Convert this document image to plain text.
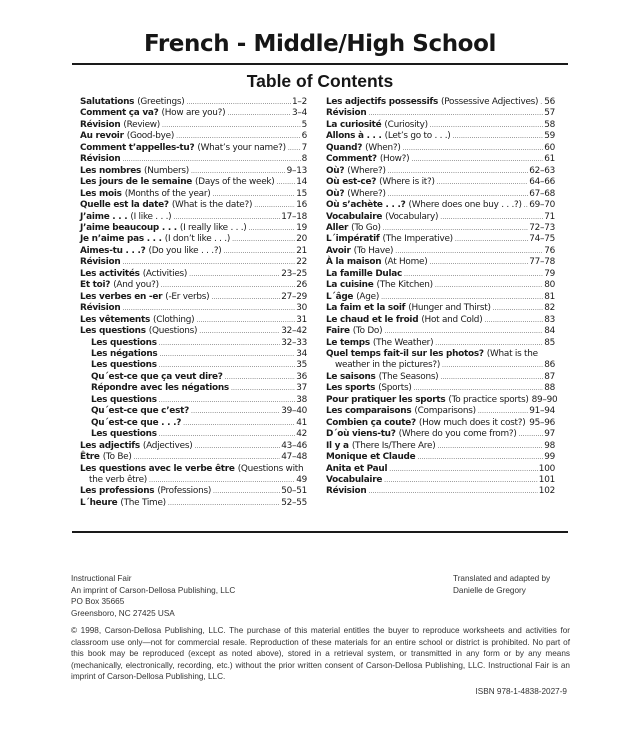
French - Middle/High School
Table of Contents
Salutations (Greetings) .....	1–2
Comment ça va? (How are you?) .....	3–4
Révision (Review) .....	5
Au revoir (Good-bye) .....	6
Comment t’appelles-tu? (What’s your name?) ..... 7
Révision .....	8
Les nombres (Numbers) .....	9–13
Les jours de le semaine (Days of the week) ..... 14
Les mois (Months of the year) .....	15
Quelle est la date? (What is the date?) .....	16
J’aime . . . (I like . . .) .....	17–18
J’aime beaucoup . . . (I really like . . .) .....	19
Je n’aime pas . . . (I don’t like . . .) .....	20
Aimes-tu . . .? (Do you like . . .?) .....	21
Révision .....	22
Les activités (Activities) .....	23–25
Et toi? (And you?) .....	26
Les verbes en -er (-Er verbs) .....	27–29
Révision .....	30
Les vêtements (Clothing) .....	31
Les questions (Questions) .....	32–42
Les questions .....	32–33
Les négations .....	34
Les questions .....	35
Qu´est-ce que ça veut dire? .....	36
Répondre avec les négations .....	37
Les questions .....	38
Qu´est-ce que c’est? .....	39–40
Qu´est-ce que . . .? .....	41
Les questions .....	42
Les adjectifs (Adjectives) .....	43–46
Être (To Be) .....	47–48
Les questions avec le verbe être (Questions with
the verb être) .....	49
Les professions (Professions) .....	50–51
L´heure (The Time) .....	52–55
Les adjectifs possessifs (Possessive Adjectives) ..... 56
Révision .....	57
La curiosité (Curiosity) .....	58
Allons à . . . (Let’s go to . . .) .....	59
Quand? (When?) .....	60
Comment? (How?) .....	61
Où? (Where?) .....	62–63
Où est-ce? (Where is it?) .....	64–66
Où? (Where?) .....	67–68
Où s’achète . . .? (Where does one buy . . .?) ..... 69–70
Vocabulaire (Vocabulary) .....	71
Aller (To Go) .....	72–73
L´impératif (The Imperative) .....	74–75
Avoir (To Have) .....	76
À la maison (At Home) .....	77–78
La famille Dulac .....	79
La cuisine (The Kitchen) .....	80
L´âge (Age) .....	81
La faim et la soif (Hunger and Thirst) .....	82
Le chaud et le froid (Hot and Cold) .....	83
Faire (To Do) .....	84
Le temps (The Weather) .....	85
Quel temps fait-il sur les photos? (What is the
weather in the pictures?) .....	86
Le saisons (The Seasons) .....	87
Les sports (Sports) .....	88
Pour pratiquer les sports (To practice sports) 89–90
Les comparaisons (Comparisons) .....	91–94
Combien ça coute? (How much does it cost?) ..... 95–96
D´où viens-tu? (Where do you come from?) .....	97
Il y a (There Is/There Are) .....	98
Monique et Claude .....	99
Anita et Paul .....	100
Vocabulaire .....	101
Révision .....	102
Instructional Fair
An imprint of Carson-Dellosa Publishing, LLC
PO Box 35665
Greensboro, NC 27425 USA
Translated and adapted by
Danielle de Gregory
© 1998, Carson-Dellosa Publishing, LLC. The purchase of this material entitles the buyer to reproduce worksheets and activities for classroom use only—not for commercial resale. Reproduction of these materials for an entire school or district is prohibited. No part of this book may be reproduced (except as noted above), stored in a retrieval system, or transmitted in any form or by any means (mechanically, electronically, recording, etc.) without the prior written consent of Carson-Dellosa Publishing, LLC. Instructional Fair is an imprint of Carson-Dellosa Publishing, LLC.
ISBN 978-1-4838-2027-9
